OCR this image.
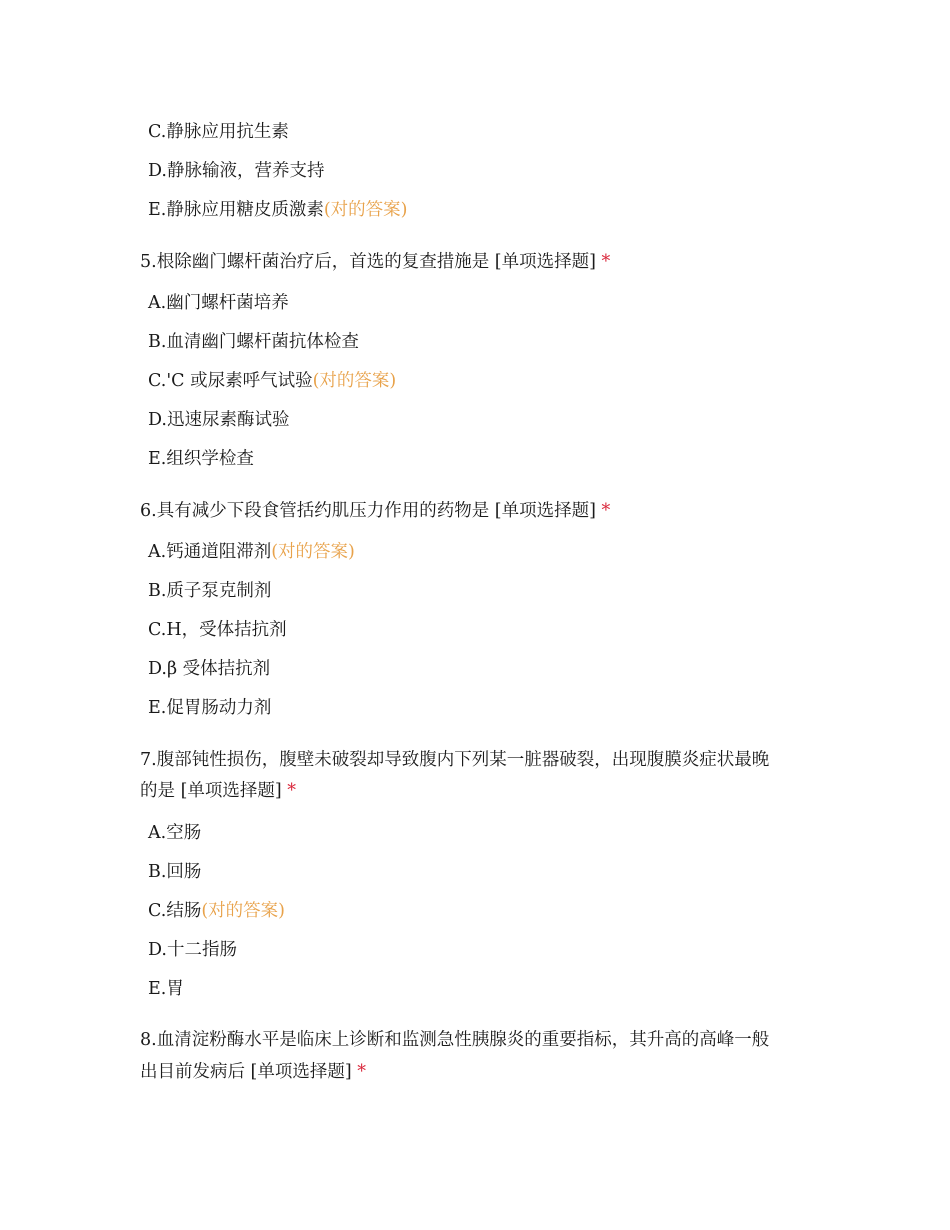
C.静脉应用抗生素
D.静脉输液，营养支持
E.静脉应用糖皮质激素(对的答案)
5.根除幽门螺杆菌治疗后，首选的复查措施是 [单项选择题] *
A.幽门螺杆菌培养
B.血清幽门螺杆菌抗体检查
C.'C 或尿素呼气试验(对的答案)
D.迅速尿素酶试验
E.组织学检查
6.具有减少下段食管括约肌压力作用的药物是 [单项选择题] *
A.钙通道阻滞剂(对的答案)
B.质子泵克制剂
C.H，受体拮抗剂
D.β 受体拮抗剂
E.促胃肠动力剂
7.腹部钝性损伤，腹壁未破裂却导致腹内下列某一脏器破裂，出现腹膜炎症状最晚
的是 [单项选择题] *
A.空肠
B.回肠
C.结肠(对的答案)
D.十二指肠
E.胃
8.血清淀粉酶水平是临床上诊断和监测急性胰腺炎的重要指标，其升高的高峰一般
出目前发病后 [单项选择题] *
